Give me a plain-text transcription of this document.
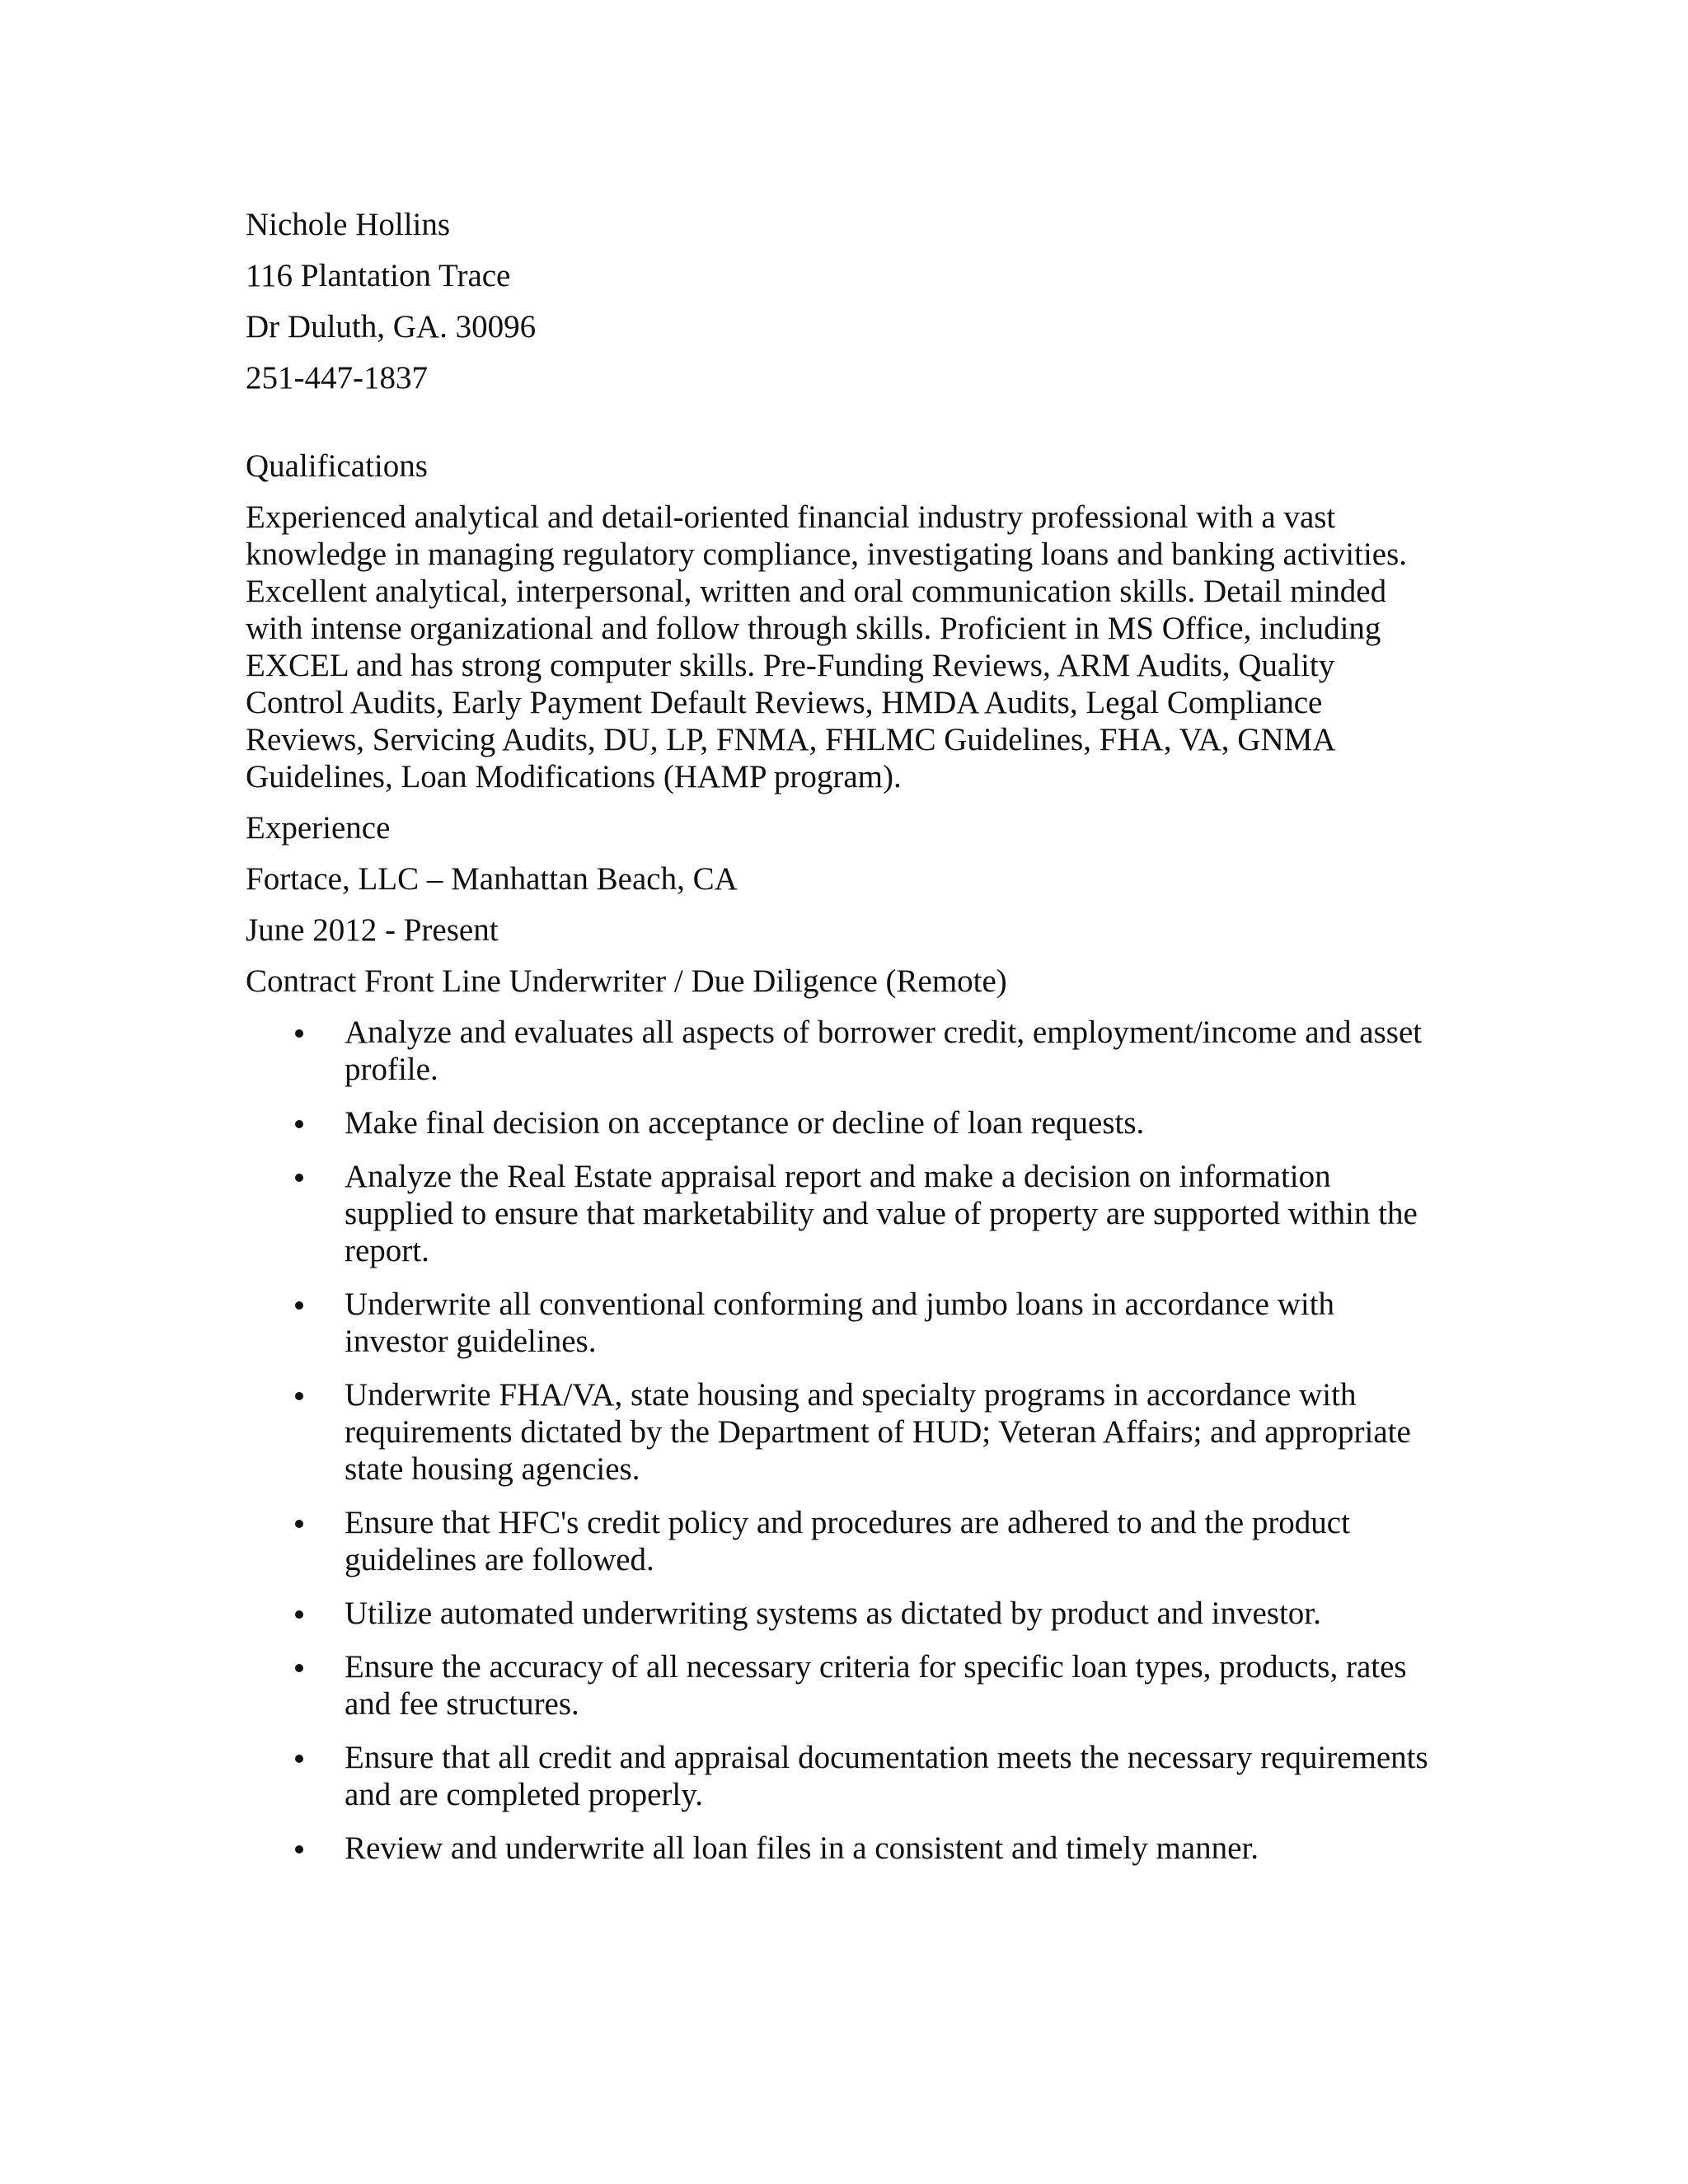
Nichole Hollins
116 Plantation Trace
Dr Duluth, GA. 30096
251-447-1837
Qualifications
Experienced analytical and detail-oriented financial industry professional with a vast knowledge in managing regulatory compliance, investigating loans and banking activities. Excellent analytical, interpersonal, written and oral communication skills. Detail minded with intense organizational and follow through skills. Proficient in MS Office, including EXCEL and has strong computer skills. Pre-Funding Reviews, ARM Audits, Quality Control Audits, Early Payment Default Reviews, HMDA Audits, Legal Compliance Reviews, Servicing Audits, DU, LP, FNMA, FHLMC Guidelines, FHA, VA, GNMA Guidelines, Loan Modifications (HAMP program).
Experience
Fortace, LLC – Manhattan Beach, CA
June 2012 - Present
Contract Front Line Underwriter / Due Diligence (Remote)
Analyze and evaluates all aspects of borrower credit, employment/income and asset profile.
Make final decision on acceptance or decline of loan requests.
Analyze the Real Estate appraisal report and make a decision on information supplied to ensure that marketability and value of property are supported within the report.
Underwrite all conventional conforming and jumbo loans in accordance with investor guidelines.
Underwrite FHA/VA, state housing and specialty programs in accordance with requirements dictated by the Department of HUD; Veteran Affairs; and appropriate state housing agencies.
Ensure that HFC's credit policy and procedures are adhered to and the product guidelines are followed.
Utilize automated underwriting systems as dictated by product and investor.
Ensure the accuracy of all necessary criteria for specific loan types, products, rates and fee structures.
Ensure that all credit and appraisal documentation meets the necessary requirements and are completed properly.
Review and underwrite all loan files in a consistent and timely manner.
